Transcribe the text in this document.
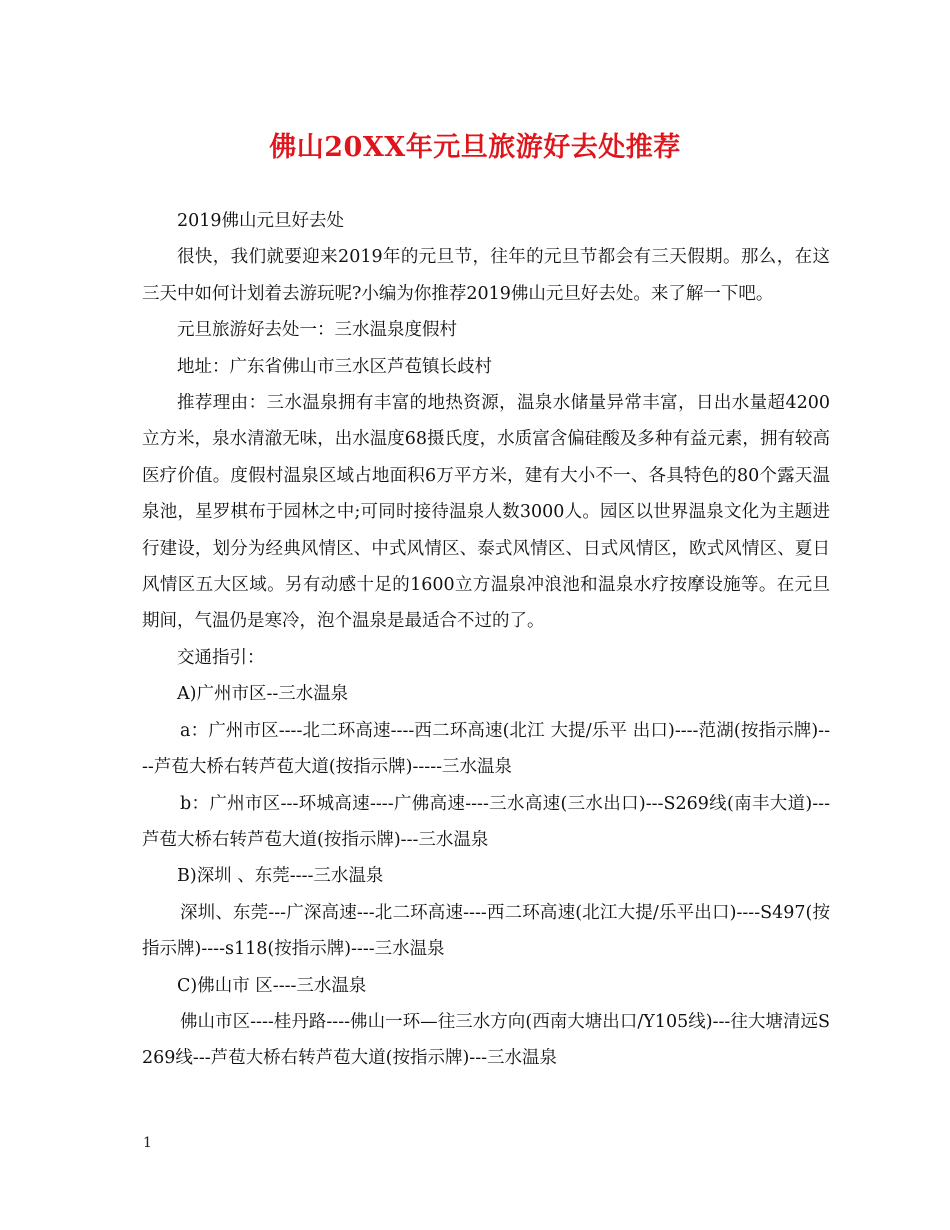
佛山20XX年元旦旅游好去处推荐

2019佛山元旦好去处

很快，我们就要迎来2019年的元旦节，往年的元旦节都会有三天假期。那么，在这三天中如何计划着去游玩呢?小编为你推荐2019佛山元旦好去处。来了解一下吧。

元旦旅游好去处一：三水温泉度假村

地址：广东省佛山市三水区芦苞镇长歧村

推荐理由：三水温泉拥有丰富的地热资源，温泉水储量异常丰富，日出水量超4200立方米，泉水清澈无味，出水温度68摄氏度，水质富含偏硅酸及多种有益元素，拥有较高医疗价值。度假村温泉区域占地面积6万平方米，建有大小不一、各具特色的80个露天温泉池，星罗棋布于园林之中;可同时接待温泉人数3000人。园区以世界温泉文化为主题进行建设，划分为经典风情区、中式风情区、泰式风情区、日式风情区，欧式风情区、夏日风情区五大区域。另有动感十足的1600立方温泉冲浪池和温泉水疗按摩设施等。在元旦期间，气温仍是寒冷，泡个温泉是最适合不过的了。

交通指引：

A)广州市区--三水温泉

a：广州市区----北二环高速----西二环高速(北江 大提/乐平 出口)----范湖(按指示牌)----芦苞大桥右转芦苞大道(按指示牌)-----三水温泉

b：广州市区---环城高速----广佛高速----三水高速(三水出口)---S269线(南丰大道)---芦苞大桥右转芦苞大道(按指示牌)---三水温泉

B)深圳 、东莞----三水温泉

深圳、东莞---广深高速---北二环高速----西二环高速(北江大提/乐平出口)----S497(按指示牌)----s118(按指示牌)----三水温泉

C)佛山市 区----三水温泉

佛山市区----桂丹路----佛山一环—往三水方向(西南大塘出口/Y105线)---往大塘清远S269线---芦苞大桥右转芦苞大道(按指示牌)---三水温泉

1
